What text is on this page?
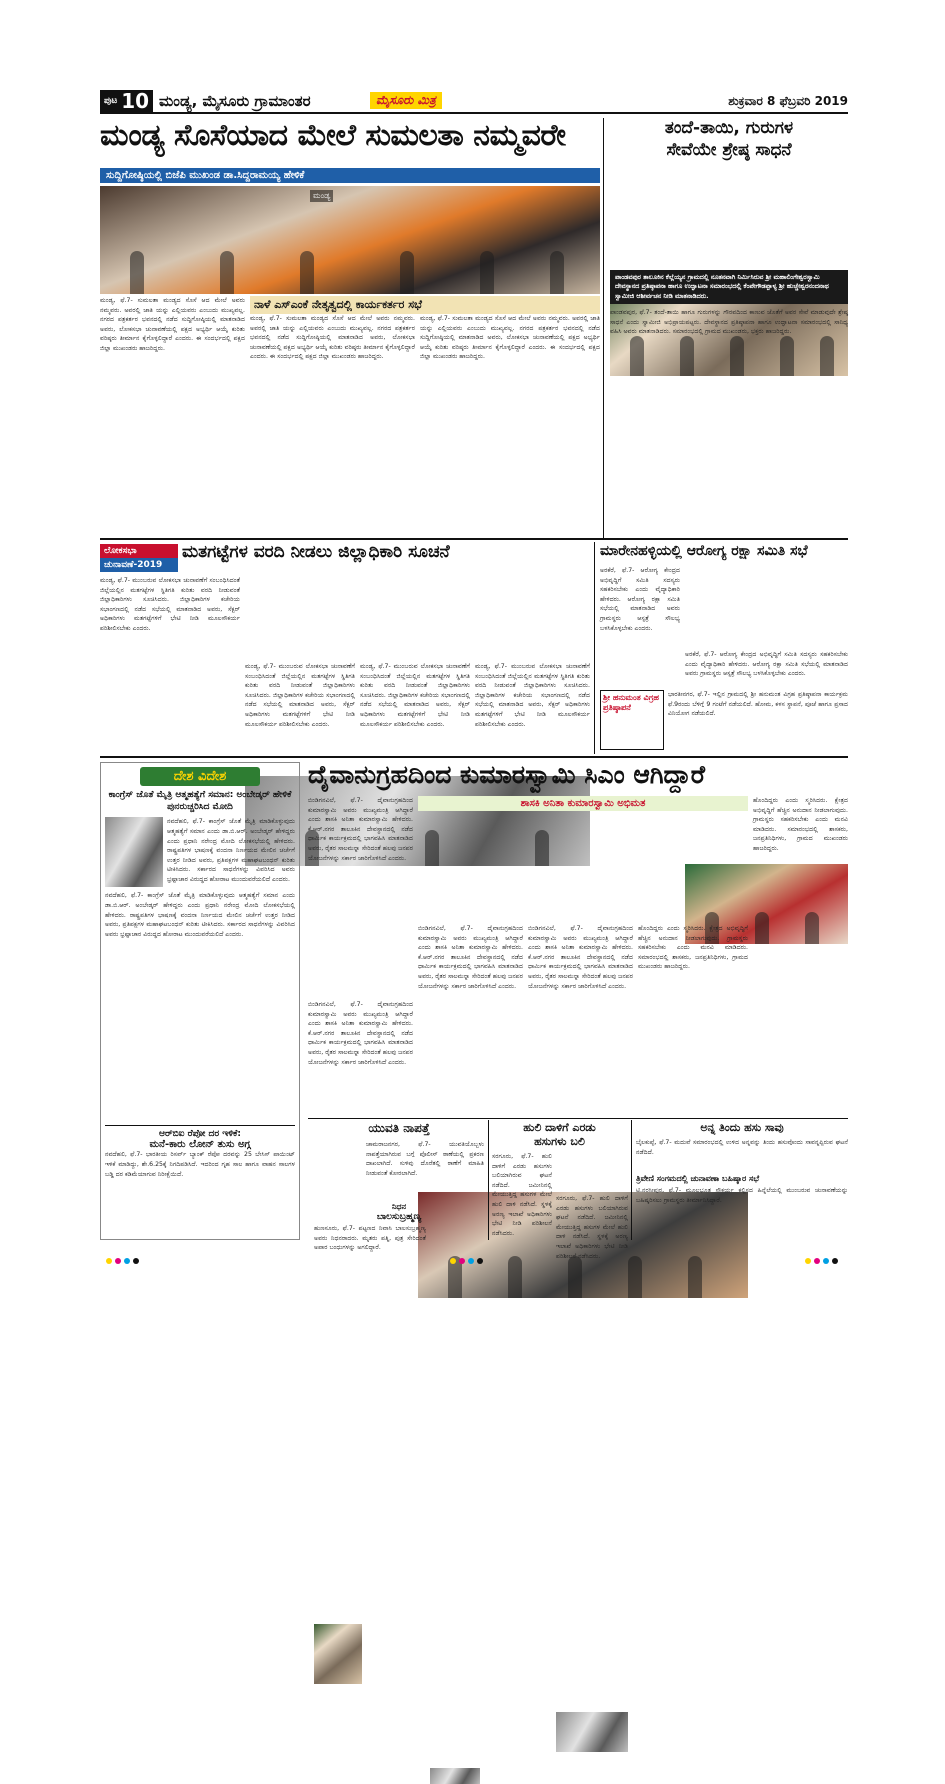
ಪುಟ 10 ಮಂಡ್ಯ, ಮೈಸೂರು ಗ್ರಾಮಾಂತರ	ಮೈಸೂರು ಮಿತ್ರ	ಶುಕ್ರವಾರ 8 ಫೆಬ್ರವರಿ 2019
ಮಂಡ್ಯ ಸೊಸೆಯಾದ ಮೇಲೆ ಸುಮಲತಾ ನಮ್ಮವರೇ
ಸುದ್ದಿಗೋಷ್ಠಿಯಲ್ಲಿ ಬಿಜೆಪಿ ಮುಖಂಡ ಡಾ.ಸಿದ್ದರಾಮಯ್ಯ ಹೇಳಿಕೆ
ಮಂಡ್ಯ
ನಾಳೆ ಎಸ್‌ಎಂಕೆ ನೇತೃತ್ವದಲ್ಲಿ ಕಾರ್ಯಕರ್ತರ ಸಭೆ
ಮಂಡ್ಯ, ಫೆ.7- ಸುಮಲತಾ ಮಂಡ್ಯದ ಸೊಸೆ ಆದ ಮೇಲೆ ಅವರು ನಮ್ಮವರು. ಅವರಲ್ಲಿ ಜಾತಿ ಯನ್ನು ಎಲ್ಲಿಯವರು ಎಂಬುದು ಮುಖ್ಯವಲ್ಲ. ನಗರದ ಪತ್ರಕರ್ತರ ಭವನದಲ್ಲಿ ನಡೆದ ಸುದ್ದಿಗೋಷ್ಠಿಯಲ್ಲಿ ಮಾತನಾಡಿದ ಅವರು, ಲೋಕಸಭಾ ಚುನಾವಣೆಯಲ್ಲಿ ಪಕ್ಷದ ಅಭ್ಯರ್ಥಿ ಆಯ್ಕೆ ಕುರಿತು ವರಿಷ್ಠರು ತೀರ್ಮಾನ ಕೈಗೊಳ್ಳಲಿದ್ದಾರೆ ಎಂದರು. ಈ ಸಂದರ್ಭದಲ್ಲಿ ಪಕ್ಷದ ಜಿಲ್ಲಾ ಮುಖಂಡರು ಹಾಜರಿದ್ದರು.
ಮಂಡ್ಯ, ಫೆ.7- ಸುಮಲತಾ ಮಂಡ್ಯದ ಸೊಸೆ ಆದ ಮೇಲೆ ಅವರು ನಮ್ಮವರು. ಅವರಲ್ಲಿ ಜಾತಿ ಯನ್ನು ಎಲ್ಲಿಯವರು ಎಂಬುದು ಮುಖ್ಯವಲ್ಲ. ನಗರದ ಪತ್ರಕರ್ತರ ಭವನದಲ್ಲಿ ನಡೆದ ಸುದ್ದಿಗೋಷ್ಠಿಯಲ್ಲಿ ಮಾತನಾಡಿದ ಅವರು, ಲೋಕಸಭಾ ಚುನಾವಣೆಯಲ್ಲಿ ಪಕ್ಷದ ಅಭ್ಯರ್ಥಿ ಆಯ್ಕೆ ಕುರಿತು ವರಿಷ್ಠರು ತೀರ್ಮಾನ ಕೈಗೊಳ್ಳಲಿದ್ದಾರೆ ಎಂದರು. ಈ ಸಂದರ್ಭದಲ್ಲಿ ಪಕ್ಷದ ಜಿಲ್ಲಾ ಮುಖಂಡರು ಹಾಜರಿದ್ದರು.
ಮಂಡ್ಯ, ಫೆ.7- ಸುಮಲತಾ ಮಂಡ್ಯದ ಸೊಸೆ ಆದ ಮೇಲೆ ಅವರು ನಮ್ಮವರು. ಅವರಲ್ಲಿ ಜಾತಿ ಯನ್ನು ಎಲ್ಲಿಯವರು ಎಂಬುದು ಮುಖ್ಯವಲ್ಲ. ನಗರದ ಪತ್ರಕರ್ತರ ಭವನದಲ್ಲಿ ನಡೆದ ಸುದ್ದಿಗೋಷ್ಠಿಯಲ್ಲಿ ಮಾತನಾಡಿದ ಅವರು, ಲೋಕಸಭಾ ಚುನಾವಣೆಯಲ್ಲಿ ಪಕ್ಷದ ಅಭ್ಯರ್ಥಿ ಆಯ್ಕೆ ಕುರಿತು ವರಿಷ್ಠರು ತೀರ್ಮಾನ ಕೈಗೊಳ್ಳಲಿದ್ದಾರೆ ಎಂದರು. ಈ ಸಂದರ್ಭದಲ್ಲಿ ಪಕ್ಷದ ಜಿಲ್ಲಾ ಮುಖಂಡರು ಹಾಜರಿದ್ದರು.
ತಂದೆ-ತಾಯಿ, ಗುರುಗಳ
ಸೇವೆಯೇ ಶ್ರೇಷ್ಠ ಸಾಧನೆ
ಪಾಂಡವಪುರ ತಾಲೂಕಿನ ಕೆಲ್ಲೆಯ್ಯನ ಗ್ರಾಮದಲ್ಲಿ ನೂತನವಾಗಿ ನಿರ್ಮಿಸಿರುವ ಶ್ರೀ ಮಹಾಲಿಂಗೇಶ್ವರಸ್ವಾಮಿ ದೇವಸ್ಥಾನದ ಪ್ರತಿಷ್ಠಾಪನಾ ಹಾಗೂ ಉದ್ಘಾಟನಾ ಸಮಾರಂಭದಲ್ಲಿ ಕೆಂಪೇಗೌಡಪ್ಪಾಳ್ಯ ಶ್ರೀ ಹುಚ್ಚೇಶ್ವರನಂದನಾಥ ಸ್ವಾಮೀಜಿ ಆಶೀರ್ವಚನ ನೀಡಿ ಮಾತನಾಡಿದರು.
ಪಾಂಡವಪುರ, ಫೆ.7- ತಂದೆ-ತಾಯಿ ಹಾಗೂ ಗುರುಗಳನ್ನು ಗೌರವದಿಂದ ಕಾಣುವ ಜೊತೆಗೆ ಅವರ ಸೇವೆ ಮಾಡುವುದೇ ಶ್ರೇಷ್ಠ ಸಾಧನೆ ಎಂದು ಸ್ವಾಮೀಜಿ ಅಭಿಪ್ರಾಯಪಟ್ಟರು. ದೇವಸ್ಥಾನದ ಪ್ರತಿಷ್ಠಾಪನಾ ಹಾಗೂ ಉದ್ಘಾಟನಾ ಸಮಾರಂಭದಲ್ಲಿ ಸಾನಿಧ್ಯ ವಹಿಸಿ ಅವರು ಮಾತನಾಡಿದರು. ಸಮಾರಂಭದಲ್ಲಿ ಗ್ರಾಮದ ಮುಖಂಡರು, ಭಕ್ತರು ಹಾಜರಿದ್ದರು.
ಲೋಕಸಭಾ
ಚುನಾವಣೆ-2019
ಮತಗಟ್ಟೆಗಳ ವರದಿ ನೀಡಲು ಜಿಲ್ಲಾಧಿಕಾರಿ ಸೂಚನೆ
ಮಂಡ್ಯ, ಫೆ.7- ಮುಂಬರುವ ಲೋಕಸಭಾ ಚುನಾವಣೆಗೆ ಸಂಬಂಧಿಸಿದಂತೆ ಜಿಲ್ಲೆಯಲ್ಲಿನ ಮತಗಟ್ಟೆಗಳ ಸ್ಥಿತಿಗತಿ ಕುರಿತು ವರದಿ ನೀಡುವಂತೆ ಜಿಲ್ಲಾಧಿಕಾರಿಗಳು ಸೂಚಿಸಿದರು. ಜಿಲ್ಲಾಧಿಕಾರಿಗಳ ಕಚೇರಿಯ ಸಭಾಂಗಣದಲ್ಲಿ ನಡೆದ ಸಭೆಯಲ್ಲಿ ಮಾತನಾಡಿದ ಅವರು, ಸೆಕ್ಟರ್ ಅಧಿಕಾರಿಗಳು ಮತಗಟ್ಟೆಗಳಿಗೆ ಭೇಟಿ ನೀಡಿ ಮೂಲಸೌಕರ್ಯ ಪರಿಶೀಲಿಸಬೇಕು ಎಂದರು.
ಮಂಡ್ಯ, ಫೆ.7- ಮುಂಬರುವ ಲೋಕಸಭಾ ಚುನಾವಣೆಗೆ ಸಂಬಂಧಿಸಿದಂತೆ ಜಿಲ್ಲೆಯಲ್ಲಿನ ಮತಗಟ್ಟೆಗಳ ಸ್ಥಿತಿಗತಿ ಕುರಿತು ವರದಿ ನೀಡುವಂತೆ ಜಿಲ್ಲಾಧಿಕಾರಿಗಳು ಸೂಚಿಸಿದರು. ಜಿಲ್ಲಾಧಿಕಾರಿಗಳ ಕಚೇರಿಯ ಸಭಾಂಗಣದಲ್ಲಿ ನಡೆದ ಸಭೆಯಲ್ಲಿ ಮಾತನಾಡಿದ ಅವರು, ಸೆಕ್ಟರ್ ಅಧಿಕಾರಿಗಳು ಮತಗಟ್ಟೆಗಳಿಗೆ ಭೇಟಿ ನೀಡಿ ಮೂಲಸೌಕರ್ಯ ಪರಿಶೀಲಿಸಬೇಕು ಎಂದರು.
ಮಂಡ್ಯ, ಫೆ.7- ಮುಂಬರುವ ಲೋಕಸಭಾ ಚುನಾವಣೆಗೆ ಸಂಬಂಧಿಸಿದಂತೆ ಜಿಲ್ಲೆಯಲ್ಲಿನ ಮತಗಟ್ಟೆಗಳ ಸ್ಥಿತಿಗತಿ ಕುರಿತು ವರದಿ ನೀಡುವಂತೆ ಜಿಲ್ಲಾಧಿಕಾರಿಗಳು ಸೂಚಿಸಿದರು. ಜಿಲ್ಲಾಧಿಕಾರಿಗಳ ಕಚೇರಿಯ ಸಭಾಂಗಣದಲ್ಲಿ ನಡೆದ ಸಭೆಯಲ್ಲಿ ಮಾತನಾಡಿದ ಅವರು, ಸೆಕ್ಟರ್ ಅಧಿಕಾರಿಗಳು ಮತಗಟ್ಟೆಗಳಿಗೆ ಭೇಟಿ ನೀಡಿ ಮೂಲಸೌಕರ್ಯ ಪರಿಶೀಲಿಸಬೇಕು ಎಂದರು.
ಮಂಡ್ಯ, ಫೆ.7- ಮುಂಬರುವ ಲೋಕಸಭಾ ಚುನಾವಣೆಗೆ ಸಂಬಂಧಿಸಿದಂತೆ ಜಿಲ್ಲೆಯಲ್ಲಿನ ಮತಗಟ್ಟೆಗಳ ಸ್ಥಿತಿಗತಿ ಕುರಿತು ವರದಿ ನೀಡುವಂತೆ ಜಿಲ್ಲಾಧಿಕಾರಿಗಳು ಸೂಚಿಸಿದರು. ಜಿಲ್ಲಾಧಿಕಾರಿಗಳ ಕಚೇರಿಯ ಸಭಾಂಗಣದಲ್ಲಿ ನಡೆದ ಸಭೆಯಲ್ಲಿ ಮಾತನಾಡಿದ ಅವರು, ಸೆಕ್ಟರ್ ಅಧಿಕಾರಿಗಳು ಮತಗಟ್ಟೆಗಳಿಗೆ ಭೇಟಿ ನೀಡಿ ಮೂಲಸೌಕರ್ಯ ಪರಿಶೀಲಿಸಬೇಕು ಎಂದರು.
ಮಾರೇನಹಳ್ಳಿಯಲ್ಲಿ ಆರೋಗ್ಯ ರಕ್ಷಾ ಸಮಿತಿ ಸಭೆ
ಅರಕೆರೆ, ಫೆ.7- ಆರೋಗ್ಯ ಕೇಂದ್ರದ ಅಭಿವೃದ್ಧಿಗೆ ಸಮಿತಿ ಸದಸ್ಯರು ಸಹಕರಿಸಬೇಕು ಎಂದು ವೈದ್ಯಾಧಿಕಾರಿ ಹೇಳಿದರು. ಆರೋಗ್ಯ ರಕ್ಷಾ ಸಮಿತಿ ಸಭೆಯಲ್ಲಿ ಮಾತನಾಡಿದ ಅವರು ಗ್ರಾಮಸ್ಥರು ಆಸ್ಪತ್ರೆ ಸೌಲಭ್ಯ ಬಳಸಿಕೊಳ್ಳಬೇಕು ಎಂದರು.
ಅರಕೆರೆ, ಫೆ.7- ಆರೋಗ್ಯ ಕೇಂದ್ರದ ಅಭಿವೃದ್ಧಿಗೆ ಸಮಿತಿ ಸದಸ್ಯರು ಸಹಕರಿಸಬೇಕು ಎಂದು ವೈದ್ಯಾಧಿಕಾರಿ ಹೇಳಿದರು. ಆರೋಗ್ಯ ರಕ್ಷಾ ಸಮಿತಿ ಸಭೆಯಲ್ಲಿ ಮಾತನಾಡಿದ ಅವರು ಗ್ರಾಮಸ್ಥರು ಆಸ್ಪತ್ರೆ ಸೌಲಭ್ಯ ಬಳಸಿಕೊಳ್ಳಬೇಕು ಎಂದರು.
ಶ್ರೀ ಹನುಮಂತ ವಿಗ್ರಹ ಪ್ರತಿಷ್ಠಾಪನೆ
ಭಾರತೀನಗರ, ಫೆ.7- ಇಲ್ಲಿನ ಗ್ರಾಮದಲ್ಲಿ ಶ್ರೀ ಹನುಮಂತ ವಿಗ್ರಹ ಪ್ರತಿಷ್ಠಾಪನಾ ಕಾರ್ಯಕ್ರಮ ಫೆ.9ರಂದು ಬೆಳಿಗ್ಗೆ 9 ಗಂಟೆಗೆ ನಡೆಯಲಿದೆ. ಹೋಮ, ಕಳಸ ಸ್ಥಾಪನೆ, ಪೂಜೆ ಹಾಗೂ ಪ್ರಸಾದ ವಿನಿಯೋಗ ನಡೆಯಲಿದೆ.
ದೇಶ ವಿದೇಶ
ಕಾಂಗ್ರೆಸ್ ಜೊತೆ ಮೈತ್ರಿ ಆತ್ಮಹತ್ಯೆಗೆ ಸಮಾನ: ಅಂಬೇಡ್ಕರ್ ಹೇಳಿಕೆ ಪುನರುಚ್ಚರಿಸಿದ ಮೋದಿ
ನವದೆಹಲಿ, ಫೆ.7- ಕಾಂಗ್ರೆಸ್ ಜೊತೆ ಮೈತ್ರಿ ಮಾಡಿಕೊಳ್ಳುವುದು ಆತ್ಮಹತ್ಯೆಗೆ ಸಮಾನ ಎಂದು ಡಾ.ಬಿ.ಆರ್. ಅಂಬೇಡ್ಕರ್ ಹೇಳಿದ್ದರು ಎಂದು ಪ್ರಧಾನಿ ನರೇಂದ್ರ ಮೋದಿ ಲೋಕಸಭೆಯಲ್ಲಿ ಹೇಳಿದರು. ರಾಷ್ಟ್ರಪತಿಗಳ ಭಾಷಣಕ್ಕೆ ವಂದನಾ ನಿರ್ಣಯದ ಮೇಲಿನ ಚರ್ಚೆಗೆ ಉತ್ತರ ನೀಡಿದ ಅವರು, ಪ್ರತಿಪಕ್ಷಗಳ ಮಹಾಘಟಬಂಧನ್ ಕುರಿತು ಟೀಕಿಸಿದರು. ಸರ್ಕಾರದ ಸಾಧನೆಗಳನ್ನು ವಿವರಿಸಿದ ಅವರು ಭ್ರಷ್ಟಾಚಾರ ವಿರುದ್ಧದ ಹೋರಾಟ ಮುಂದುವರೆಯಲಿದೆ ಎಂದರು.
ನವದೆಹಲಿ, ಫೆ.7- ಕಾಂಗ್ರೆಸ್ ಜೊತೆ ಮೈತ್ರಿ ಮಾಡಿಕೊಳ್ಳುವುದು ಆತ್ಮಹತ್ಯೆಗೆ ಸಮಾನ ಎಂದು ಡಾ.ಬಿ.ಆರ್. ಅಂಬೇಡ್ಕರ್ ಹೇಳಿದ್ದರು ಎಂದು ಪ್ರಧಾನಿ ನರೇಂದ್ರ ಮೋದಿ ಲೋಕಸಭೆಯಲ್ಲಿ ಹೇಳಿದರು. ರಾಷ್ಟ್ರಪತಿಗಳ ಭಾಷಣಕ್ಕೆ ವಂದನಾ ನಿರ್ಣಯದ ಮೇಲಿನ ಚರ್ಚೆಗೆ ಉತ್ತರ ನೀಡಿದ ಅವರು, ಪ್ರತಿಪಕ್ಷಗಳ ಮಹಾಘಟಬಂಧನ್ ಕುರಿತು ಟೀಕಿಸಿದರು. ಸರ್ಕಾರದ ಸಾಧನೆಗಳನ್ನು ವಿವರಿಸಿದ ಅವರು ಭ್ರಷ್ಟಾಚಾರ ವಿರುದ್ಧದ ಹೋರಾಟ ಮುಂದುವರೆಯಲಿದೆ ಎಂದರು.
ಆರ್‌ಬಿಐ ರೆಪೋ ದರ ಇಳಿಕೆ:
ಮನೆ-ಕಾರು ಲೋನ್ ತುಸು ಅಗ್ಗ
ನವದೆಹಲಿ, ಫೆ.7- ಭಾರತೀಯ ರಿಸರ್ವ್ ಬ್ಯಾಂಕ್ ರೆಪೋ ದರವನ್ನು 25 ಬೇಸಿಸ್ ಪಾಯಿಂಟ್ ಇಳಿಕೆ ಮಾಡಿದ್ದು, ಶೇ.6.25ಕ್ಕೆ ನಿಗದಿಪಡಿಸಿದೆ. ಇದರಿಂದ ಗೃಹ ಸಾಲ ಹಾಗೂ ವಾಹನ ಸಾಲಗಳ ಬಡ್ಡಿ ದರ ಕಡಿಮೆಯಾಗುವ ನಿರೀಕ್ಷೆಯಿದೆ.
ದೈವಾನುಗ್ರಹದಿಂದ ಕುಮಾರಸ್ವಾಮಿ ಸಿಎಂ ಆಗಿದ್ದಾರೆ
ಬಿಂಡಿಗನವಿಲೆ, ಫೆ.7- ದೈವಾನುಗ್ರಹದಿಂದ ಕುಮಾರಸ್ವಾಮಿ ಅವರು ಮುಖ್ಯಮಂತ್ರಿ ಆಗಿದ್ದಾರೆ ಎಂದು ಶಾಸಕಿ ಅನಿತಾ ಕುಮಾರಸ್ವಾಮಿ ಹೇಳಿದರು. ಕೆ.ಆರ್.ನಗರ ತಾಲೂಕಿನ ದೇವಸ್ಥಾನದಲ್ಲಿ ನಡೆದ ಧಾರ್ಮಿಕ ಕಾರ್ಯಕ್ರಮದಲ್ಲಿ ಭಾಗವಹಿಸಿ ಮಾತನಾಡಿದ ಅವರು, ರೈತರ ಸಾಲಮನ್ನಾ ಸೇರಿದಂತೆ ಹಲವು ಜನಪರ ಯೋಜನೆಗಳನ್ನು ಸರ್ಕಾರ ಜಾರಿಗೊಳಿಸಿದೆ ಎಂದರು.
ಶಾಸಕಿ ಅನಿತಾ ಕುಮಾರಸ್ವಾಮಿ ಅಭಿಮತ
ಬಿಂಡಿಗನವಿಲೆ, ಫೆ.7- ದೈವಾನುಗ್ರಹದಿಂದ ಕುಮಾರಸ್ವಾಮಿ ಅವರು ಮುಖ್ಯಮಂತ್ರಿ ಆಗಿದ್ದಾರೆ ಎಂದು ಶಾಸಕಿ ಅನಿತಾ ಕುಮಾರಸ್ವಾಮಿ ಹೇಳಿದರು. ಕೆ.ಆರ್.ನಗರ ತಾಲೂಕಿನ ದೇವಸ್ಥಾನದಲ್ಲಿ ನಡೆದ ಧಾರ್ಮಿಕ ಕಾರ್ಯಕ್ರಮದಲ್ಲಿ ಭಾಗವಹಿಸಿ ಮಾತನಾಡಿದ ಅವರು, ರೈತರ ಸಾಲಮನ್ನಾ ಸೇರಿದಂತೆ ಹಲವು ಜನಪರ ಯೋಜನೆಗಳನ್ನು ಸರ್ಕಾರ ಜಾರಿಗೊಳಿಸಿದೆ ಎಂದರು.
ಬಿಂಡಿಗನವಿಲೆ, ಫೆ.7- ದೈವಾನುಗ್ರಹದಿಂದ ಕುಮಾರಸ್ವಾಮಿ ಅವರು ಮುಖ್ಯಮಂತ್ರಿ ಆಗಿದ್ದಾರೆ ಎಂದು ಶಾಸಕಿ ಅನಿತಾ ಕುಮಾರಸ್ವಾಮಿ ಹೇಳಿದರು. ಕೆ.ಆರ್.ನಗರ ತಾಲೂಕಿನ ದೇವಸ್ಥಾನದಲ್ಲಿ ನಡೆದ ಧಾರ್ಮಿಕ ಕಾರ್ಯಕ್ರಮದಲ್ಲಿ ಭಾಗವಹಿಸಿ ಮಾತನಾಡಿದ ಅವರು, ರೈತರ ಸಾಲಮನ್ನಾ ಸೇರಿದಂತೆ ಹಲವು ಜನಪರ ಯೋಜನೆಗಳನ್ನು ಸರ್ಕಾರ ಜಾರಿಗೊಳಿಸಿದೆ ಎಂದರು.
ಹೊಂದಿದ್ದರು ಎಂದು ಸ್ಮರಿಸಿದರು. ಕ್ಷೇತ್ರದ ಅಭಿವೃದ್ಧಿಗೆ ಹೆಚ್ಚಿನ ಅನುದಾನ ನೀಡಲಾಗುವುದು. ಗ್ರಾಮಸ್ಥರು ಸಹಕರಿಸಬೇಕು ಎಂದು ಮನವಿ ಮಾಡಿದರು. ಸಮಾರಂಭದಲ್ಲಿ ಶಾಸಕರು, ಜನಪ್ರತಿನಿಧಿಗಳು, ಗ್ರಾಮದ ಮುಖಂಡರು ಹಾಜರಿದ್ದರು.
ಹೊಂದಿದ್ದರು ಎಂದು ಸ್ಮರಿಸಿದರು. ಕ್ಷೇತ್ರದ ಅಭಿವೃದ್ಧಿಗೆ ಹೆಚ್ಚಿನ ಅನುದಾನ ನೀಡಲಾಗುವುದು. ಗ್ರಾಮಸ್ಥರು ಸಹಕರಿಸಬೇಕು ಎಂದು ಮನವಿ ಮಾಡಿದರು. ಸಮಾರಂಭದಲ್ಲಿ ಶಾಸಕರು, ಜನಪ್ರತಿನಿಧಿಗಳು, ಗ್ರಾಮದ ಮುಖಂಡರು ಹಾಜರಿದ್ದರು.
ಬಿಂಡಿಗನವಿಲೆ, ಫೆ.7- ದೈವಾನುಗ್ರಹದಿಂದ ಕುಮಾರಸ್ವಾಮಿ ಅವರು ಮುಖ್ಯಮಂತ್ರಿ ಆಗಿದ್ದಾರೆ ಎಂದು ಶಾಸಕಿ ಅನಿತಾ ಕುಮಾರಸ್ವಾಮಿ ಹೇಳಿದರು. ಕೆ.ಆರ್.ನಗರ ತಾಲೂಕಿನ ದೇವಸ್ಥಾನದಲ್ಲಿ ನಡೆದ ಧಾರ್ಮಿಕ ಕಾರ್ಯಕ್ರಮದಲ್ಲಿ ಭಾಗವಹಿಸಿ ಮಾತನಾಡಿದ ಅವರು, ರೈತರ ಸಾಲಮನ್ನಾ ಸೇರಿದಂತೆ ಹಲವು ಜನಪರ ಯೋಜನೆಗಳನ್ನು ಸರ್ಕಾರ ಜಾರಿಗೊಳಿಸಿದೆ ಎಂದರು.
ಯುವತಿ ನಾಪತ್ತೆ
ಚಾಮರಾಜನಗರ, ಫೆ.7- ಯುವತಿಯೊಬ್ಬಳು ನಾಪತ್ತೆಯಾಗಿರುವ ಬಗ್ಗೆ ಪೊಲೀಸ್ ಠಾಣೆಯಲ್ಲಿ ಪ್ರಕರಣ ದಾಖಲಾಗಿದೆ. ಸುಳಿವು ದೊರೆತಲ್ಲಿ ಠಾಣೆಗೆ ಮಾಹಿತಿ ನೀಡುವಂತೆ ಕೋರಲಾಗಿದೆ.
ನಿಧನ
ಬಾಲಸುಬ್ರಹ್ಮಣ್ಯ
ಹುಣಸೂರು, ಫೆ.7- ಪಟ್ಟಣದ ನಿವಾಸಿ ಬಾಲಸುಬ್ರಹ್ಮಣ್ಯ ಅವರು ನಿಧನರಾದರು. ಮೃತರು ಪತ್ನಿ, ಪುತ್ರ ಸೇರಿದಂತೆ ಅಪಾರ ಬಂಧುಗಳನ್ನು ಅಗಲಿದ್ದಾರೆ.
ಹುಲಿ ದಾಳಿಗೆ ಎರಡು
ಹಸುಗಳು ಬಲಿ
ಸರಗೂರು, ಫೆ.7- ಹುಲಿ ದಾಳಿಗೆ ಎರಡು ಹಸುಗಳು ಬಲಿಯಾಗಿರುವ ಘಟನೆ ನಡೆದಿದೆ. ಜಮೀನಿನಲ್ಲಿ ಮೇಯುತ್ತಿದ್ದ ಹಸುಗಳ ಮೇಲೆ ಹುಲಿ ದಾಳಿ ನಡೆಸಿದೆ. ಸ್ಥಳಕ್ಕೆ ಅರಣ್ಯ ಇಲಾಖೆ ಅಧಿಕಾರಿಗಳು ಭೇಟಿ ನೀಡಿ ಪರಿಶೀಲನೆ ನಡೆಸಿದರು.
ಸರಗೂರು, ಫೆ.7- ಹುಲಿ ದಾಳಿಗೆ ಎರಡು ಹಸುಗಳು ಬಲಿಯಾಗಿರುವ ಘಟನೆ ನಡೆದಿದೆ. ಜಮೀನಿನಲ್ಲಿ ಮೇಯುತ್ತಿದ್ದ ಹಸುಗಳ ಮೇಲೆ ಹುಲಿ ದಾಳಿ ನಡೆಸಿದೆ. ಸ್ಥಳಕ್ಕೆ ಅರಣ್ಯ ಇಲಾಖೆ ಅಧಿಕಾರಿಗಳು ಭೇಟಿ ನೀಡಿ ಪರಿಶೀಲನೆ ನಡೆಸಿದರು.
ಅನ್ನ ತಿಂದು ಹಸು ಸಾವು
ಬೈಲಕುಪ್ಪೆ, ಫೆ.7- ಮದುವೆ ಸಮಾರಂಭದಲ್ಲಿ ಉಳಿದ ಅನ್ನವನ್ನು ತಿಂದು ಹಸುವೊಂದು ಸಾವನ್ನಪ್ಪಿರುವ ಘಟನೆ ನಡೆದಿದೆ.
ತ್ರಿವೇಣಿ ಸಂಗಮದಲ್ಲಿ ಚುನಾವಣಾ ಬಹಿಷ್ಕಾರ ಸಭೆ
ಟಿ.ನರಸೀಪುರ, ಫೆ.7- ಮೂಲಭೂತ ಸೌಕರ್ಯ ಕಲ್ಪಿಸದ ಹಿನ್ನೆಲೆಯಲ್ಲಿ ಮುಂಬರುವ ಚುನಾವಣೆಯನ್ನು ಬಹಿಷ್ಕರಿಸಲು ಗ್ರಾಮಸ್ಥರು ತೀರ್ಮಾನಿಸಿದ್ದಾರೆ.
